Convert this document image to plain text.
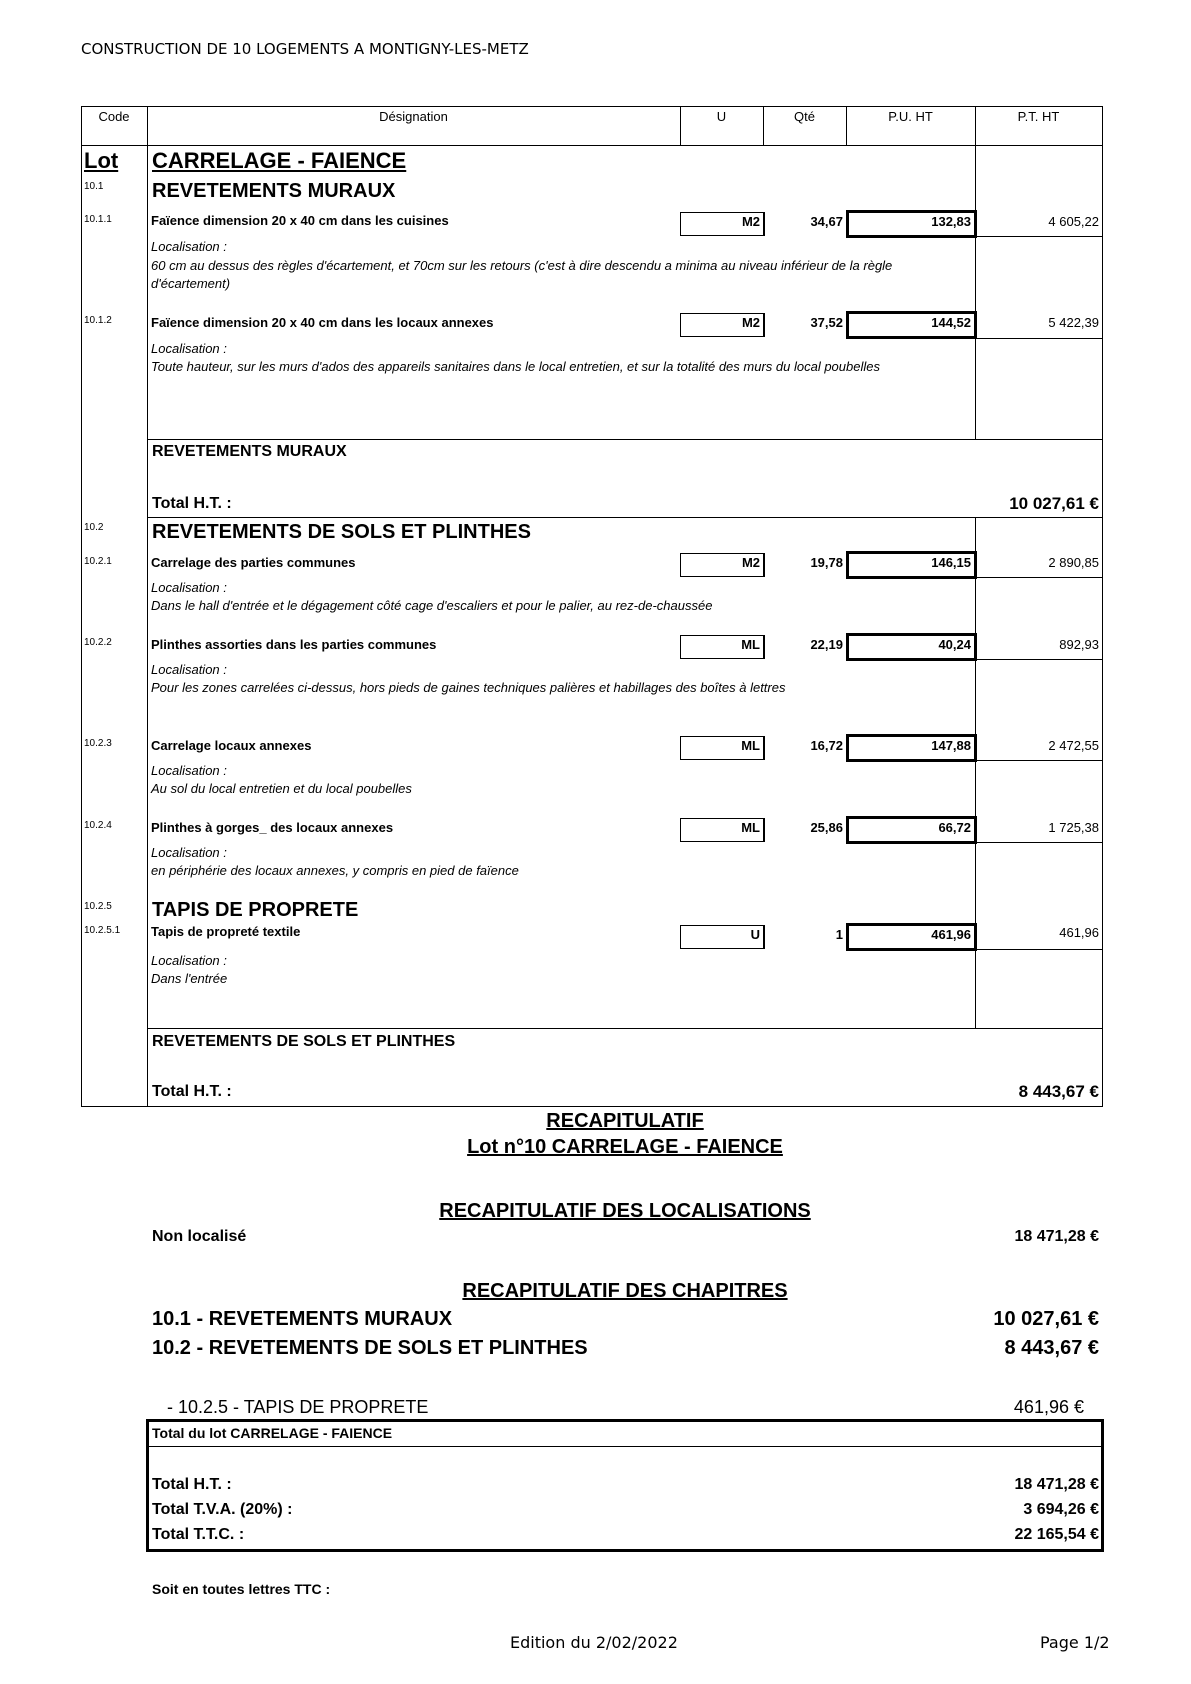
CONSTRUCTION DE 10 LOGEMENTS A MONTIGNY-LES-METZ
Code	Désignation	U	Qté	P.U. HT	P.T. HT
Lot CARRELAGE - FAIENCE
10.1 REVETEMENTS MURAUX
10.1.1	Faïence dimension 20 x 40 cm dans les cuisines	M2	34,67	132,83	4 605,22
Localisation :
60 cm au dessus des règles d'écartement, et 70cm sur les retours (c'est à dire descendu a minima au niveau inférieur de la règle d'écartement)
10.1.2	Faïence dimension 20 x 40 cm dans les locaux annexes	M2	37,52	144,52	5 422,39
Localisation :
Toute hauteur, sur les murs d'ados des appareils sanitaires dans le local entretien, et sur la totalité des murs du local poubelles
REVETEMENTS MURAUX
Total H.T. :	10 027,61 €
10.2 REVETEMENTS DE SOLS ET PLINTHES
10.2.1	Carrelage des parties communes	M2	19,78	146,15	2 890,85
Localisation :
Dans le hall d'entrée et le dégagement côté cage d'escaliers et pour le palier, au rez-de-chaussée
10.2.2	Plinthes assorties dans les parties communes	ML	22,19	40,24	892,93
Localisation :
Pour les zones carrelées ci-dessus, hors pieds de gaines techniques palières et habillages des boîtes à lettres
10.2.3	Carrelage locaux annexes	ML	16,72	147,88	2 472,55
Localisation :
Au sol du local entretien et du local poubelles
10.2.4	Plinthes à gorges_ des locaux annexes	ML	25,86	66,72	1 725,38
Localisation :
en périphérie des locaux annexes, y compris en pied de faïence
10.2.5 TAPIS DE PROPRETE
10.2.5.1 Tapis de propreté textile	U	1	461,96	461,96
Localisation :
Dans l'entrée
REVETEMENTS DE SOLS ET PLINTHES
Total H.T. :	8 443,67 €
RECAPITULATIF
Lot n°10 CARRELAGE - FAIENCE
RECAPITULATIF DES LOCALISATIONS
Non localisé	18 471,28 €
RECAPITULATIF DES CHAPITRES
10.1 - REVETEMENTS MURAUX	10 027,61 €
10.2 - REVETEMENTS DE SOLS ET PLINTHES	8 443,67 €
- 10.2.5 - TAPIS DE PROPRETE	461,96 €
Total du lot CARRELAGE - FAIENCE
Total H.T. :	18 471,28 €
Total T.V.A. (20%) :	3 694,26 €
Total T.T.C. :	22 165,54 €
Soit en toutes lettres TTC :
Edition du 2/02/2022	Page 1/2
